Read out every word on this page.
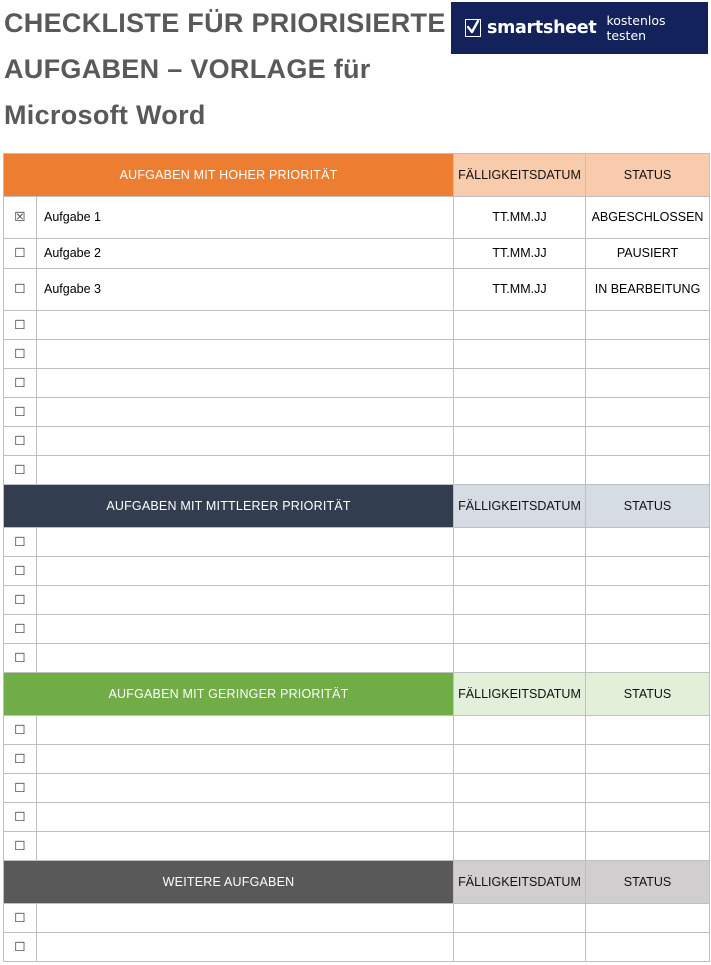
CHECKLISTE FÜR PRIORISIERTE
AUFGABEN – VORLAGE für
Microsoft Word
smartsheet kostenlos testen
AUFGABEN MIT HOHER PRIORITÄT		FÄLLIGKEITSDATUM	STATUS
☒	Aufgabe 1	TT.MM.JJ	ABGESCHLOSSEN
☐	Aufgabe 2	TT.MM.JJ	PAUSIERT
☐	Aufgabe 3	TT.MM.JJ	IN BEARBEITUNG
☐			
☐			
☐			
☐			
☐			
☐			
AUFGABEN MIT MITTLERER PRIORITÄT		FÄLLIGKEITSDATUM	STATUS
☐			
☐			
☐			
☐			
☐			
AUFGABEN MIT GERINGER PRIORITÄT		FÄLLIGKEITSDATUM	STATUS
☐			
☐			
☐			
☐			
☐			
WEITERE AUFGABEN		FÄLLIGKEITSDATUM	STATUS
☐			
☐			
